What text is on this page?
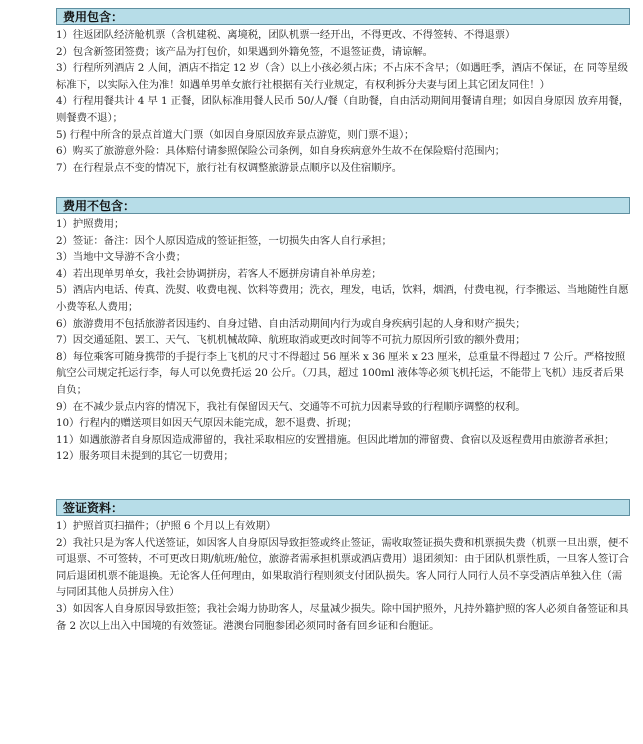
费用包含：
1）往返团队经济舱机票（含机建税、离境税，团队机票一经开出，不得更改、不得签转、不得退票）
2）包含新签团签费；该产品为打包价，如果遇到外籍免签，不退签证费，请谅解。
3）行程所列酒店 2 人间，酒店不指定 12 岁（含）以上小孩必须占床；不占床不含早；（如遇旺季，酒店不保证，在 同等星级标准下，以实际入住为准！如遇单男单女旅行社根据有关行业规定，有权利拆分夫妻与团上其它团友同住！）
4）行程用餐共计 4 早 1 正餐，团队标准用餐人民币 50/人/餐（自助餐，自由活动期间用餐请自理；如因自身原因 放弃用餐，则餐费不退）；
5) 行程中所含的景点首道大门票（如因自身原因放弃景点游览，则门票不退）；
6）购买了旅游意外险：具体赔付请参照保险公司条例，如自身疾病意外生故不在保险赔付范围内；
7）在行程景点不变的情况下，旅行社有权调整旅游景点顺序以及住宿顺序。
费用不包含：
1）护照费用；
2）签证：备注：因个人原因造成的签证拒签，一切损失由客人自行承担；
3）当地中文导游不含小费；
4）若出现单男单女，我社会协调拼房，若客人不愿拼房请自补单房差；
5）酒店内电话、传真、洗熨、收费电视、饮料等费用；洗衣，理发，电话，饮料，烟酒，付费电视，行李搬运、当地随性自愿小费等私人费用；
6）旅游费用不包括旅游者因违约、自身过错、自由活动期间内行为或自身疾病引起的人身和财产损失；
7）因交通延阻、罢工、天气、飞机机械故障、航班取消或更改时间等不可抗力原因所引致的额外费用；
8）每位乘客可随身携带的手提行李上飞机的尺寸不得超过 56 厘米 x 36 厘米 x 23 厘米，总重量不得超过 7 公斤。严格按照航空公司规定托运行李，每人可以免费托运 20 公斤。（刀具，超过 100ml 液体等必须飞机托运，不能带上飞机）违反者后果自负；
9）在不减少景点内容的情况下，我社有保留因天气、交通等不可抗力因素导致的行程顺序调整的权利。
10）行程内的赠送项目如因天气原因未能完成，恕不退费、折现；
11）如遇旅游者自身原因造成滞留的，我社采取相应的安置措施。但因此增加的滞留费、食宿以及返程费用由旅游者承担；
12）服务项目未提到的其它一切费用；
签证资料：
1）护照首页扫描件；（护照 6 个月以上有效期）
2）我社只是为客人代送签证，如因客人自身原因导致拒签或终止签证，需收取签证损失费和机票损失费（机票一旦出票，便不可退票、不可签转，不可更改日期/航班/舱位，旅游者需承担机票或酒店费用）退团须知：由于团队机票性质，一旦客人签订合同后退团机票不能退换。无论客人任何理由，如果取消行程则须支付团队损失。客人同行人同行人员不享受酒店单独入住（需与同团其他人员拼房入住）
3）如因客人自身原因导致拒签；我社会竭力协助客人，尽量减少损失。除中国护照外，凡持外籍护照的客人必须自备签证和具备 2 次以上出入中国境的有效签证。港澳台同胞参团必须同时备有回乡证和台胞证。
